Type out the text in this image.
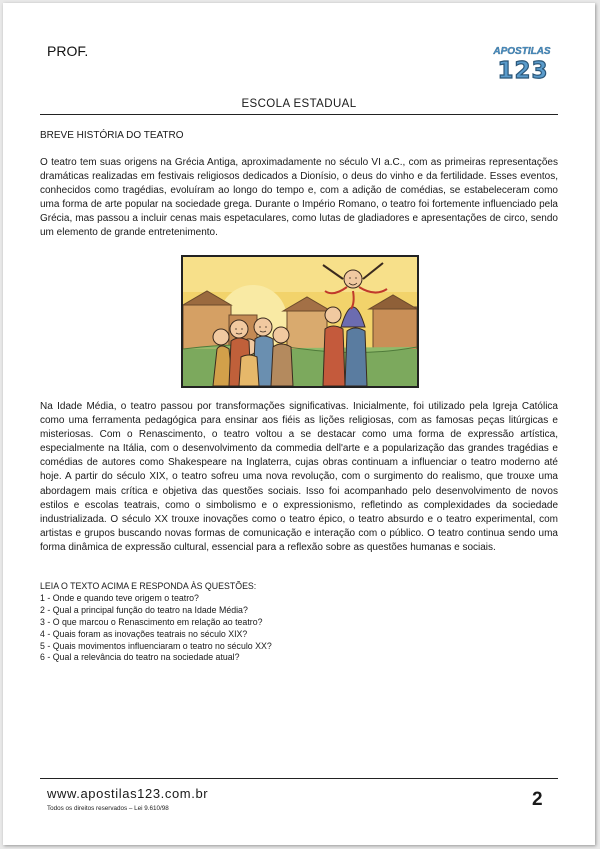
PROF.	APOSTILAS
123
ESCOLA ESTADUAL
BREVE HISTÓRIA DO TEATRO

O teatro tem suas origens na Grécia Antiga, aproximadamente no século VI a.C., com as primeiras representações dramáticas realizadas em festivais religiosos dedicados a Dionísio, o deus do vinho e da fertilidade. Esses eventos, conhecidos como tragédias, evoluíram ao longo do tempo e, com a adição de comédias, se estabeleceram como uma forma de arte popular na sociedade grega. Durante o Império Romano, o teatro foi fortemente influenciado pela Grécia, mas passou a incluir cenas mais espetaculares, como lutas de gladiadores e apresentações de circo, sendo um elemento de grande entretenimento.

Na Idade Média, o teatro passou por transformações significativas. Inicialmente, foi utilizado pela Igreja Católica como uma ferramenta pedagógica para ensinar aos fiéis as lições religiosas, com as famosas peças litúrgicas e misteriosas. Com o Renascimento, o teatro voltou a se destacar como uma forma de expressão artística, especialmente na Itália, com o desenvolvimento da commedia dell'arte e a popularização das grandes tragédias e comédias de autores como Shakespeare na Inglaterra, cujas obras continuam a influenciar o teatro moderno até hoje. A partir do século XIX, o teatro sofreu uma nova revolução, com o surgimento do realismo, que trouxe uma abordagem mais crítica e objetiva das questões sociais. Isso foi acompanhado pelo desenvolvimento de novos estilos e escolas teatrais, como o simbolismo e o expressionismo, refletindo as complexidades da sociedade industrializada. O século XX trouxe inovações como o teatro épico, o teatro absurdo e o teatro experimental, com artistas e grupos buscando novas formas de comunicação e interação com o público. O teatro continua sendo uma forma dinâmica de expressão cultural, essencial para a reflexão sobre as questões humanas e sociais.

LEIA O TEXTO ACIMA E RESPONDA ÀS QUESTÕES:
1 - Onde e quando teve origem o teatro?
2 - Qual a principal função do teatro na Idade Média?
3 - O que marcou o Renascimento em relação ao teatro?
4 - Quais foram as inovações teatrais no século XIX?
5 - Quais movimentos influenciaram o teatro no século XX?
6 - Qual a relevância do teatro na sociedade atual?
www.apostilas123.com.br
Todos os direitos reservados – Lei 9.610/98	2
